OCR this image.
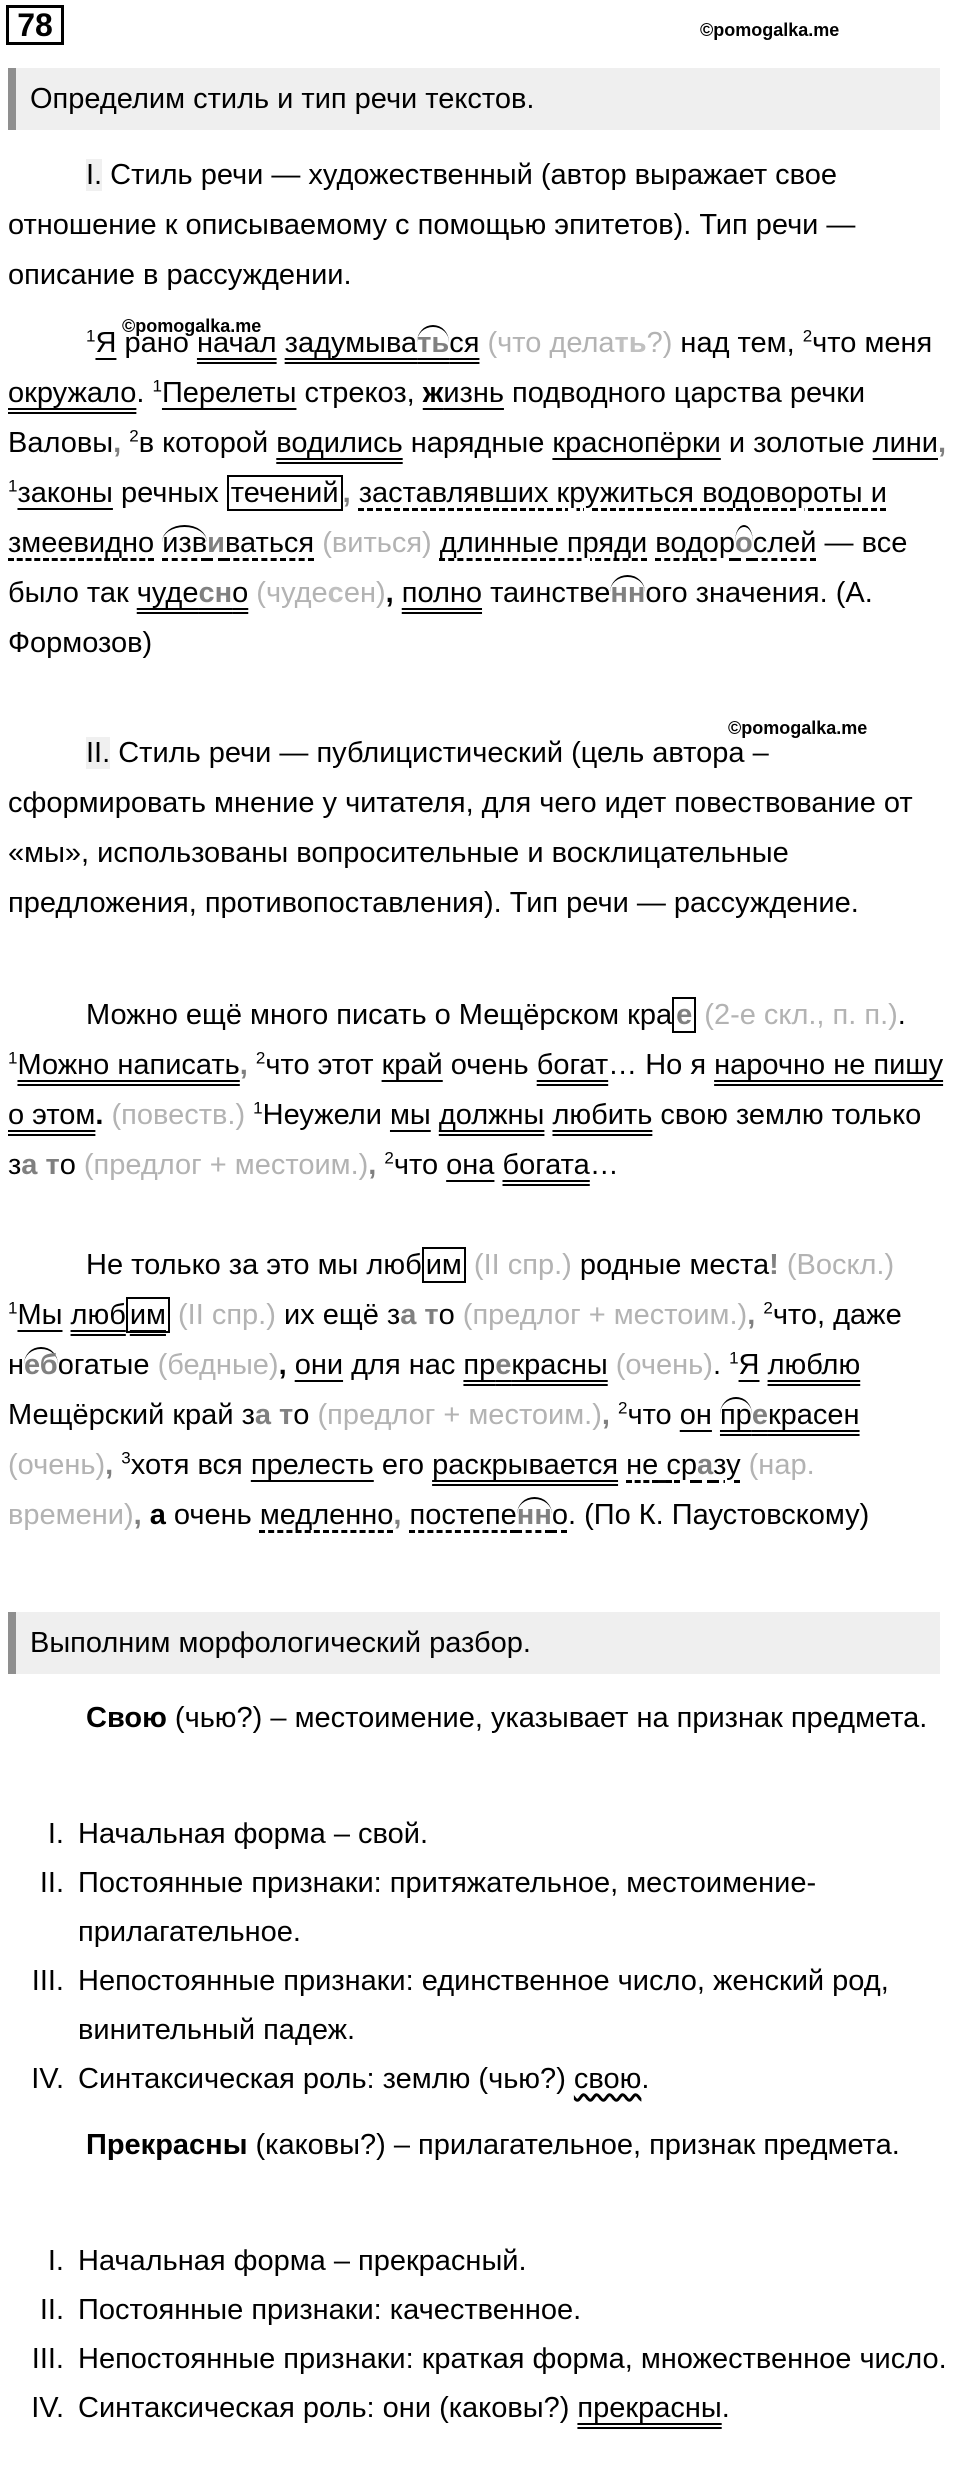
78	©pomogalka.me
Определим стиль и тип речи текстов.

I. Стиль речи — художественный (автор выражает свое отношение к описываемому с помощью эпитетов). Тип речи — описание в рассуждении.

©pomogalka.me

$^1$Я рано начал задумываться (что делать?) над тем, $^2$что меня окружало. $^1$Перелеты стрекоз, жизнь подводного царства речки Валовы, $^2$в которой водились нарядные краснопёрки и золотые лини, $^1$законы речных течений , заставлявших кружиться водовороты и змеевидно извиваться (виться) длинные пряди водорослей — все было так чудесно (чудесен), полно таинственного значения. (А. Формозов)

©pomogalka.me

II. Стиль речи — публицистический (цель автора – сформировать мнение у читателя, для чего идет повествование от «мы», использованы вопросительные и восклицательные предложения, противопоставления). Тип речи — рассуждение.

Можно ещё много писать о Мещёрском кра е (2-е скл., п. п.). $^1$Можно написать, $^2$что этот край очень богат… Но я нарочно не пишу о этом. (повеств.) $^1$Неужели мы должны любить свою землю только за то (предлог + местоим.), $^2$что она богата…

Не только за это мы люб им (II спр.) родные места! (Воскл.) $^1$Мы люб им (II спр.) их ещё за то (предлог + местоим.), $^2$что, даже небогатые (бедные), они для нас прекрасны (очень). $^1$Я люблю Мещёрский край за то (предлог + местоим.), $^2$что он прекрасен (очень), $^3$хотя вся прелесть его раскрывается не сразу (нар. времени), а очень медленно, постепенно. (По К. Паустовскому)

Выполним морфологический разбор.

Свою (чью?) – местоимение, указывает на признак предмета.

I. Начальная форма – свой.
II. Постоянные признаки: притяжательное, местоимение-прилагательное.
III. Непостоянные признаки: единственное число, женский род, винительный падеж.
IV. Синтаксическая роль: землю (чью?) свою.

Прекрасны (каковы?) – прилагательное, признак предмета.

I. Начальная форма – прекрасный.
II. Постоянные признаки: качественное.
III. Непостоянные признаки: краткая форма, множественное число.
IV. Синтаксическая роль: они (каковы?) прекрасны.
